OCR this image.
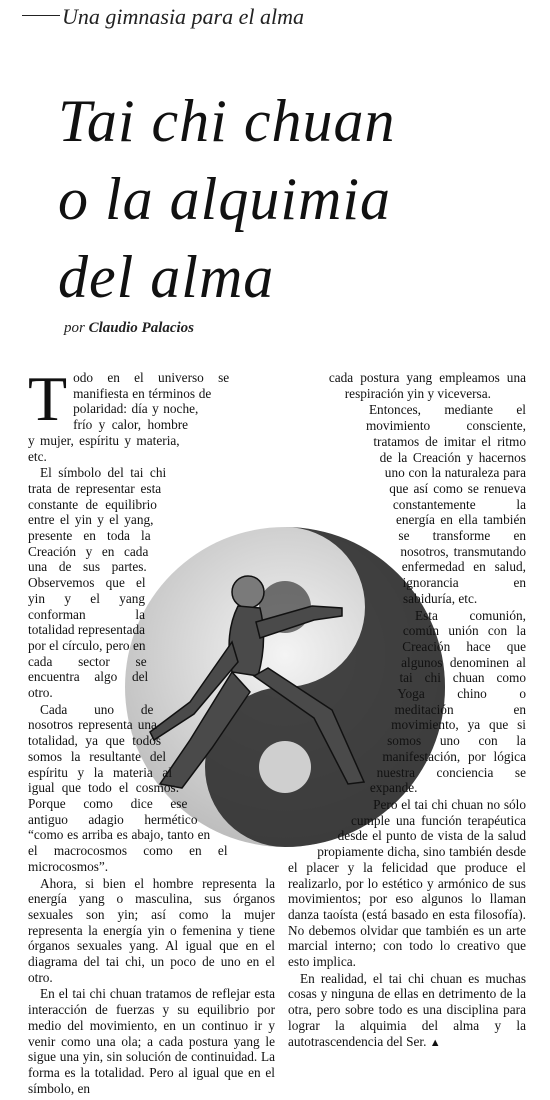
Una gimnasia para el alma
Tai chi chuan
o la alquimia
del alma
por Claudio Palacios

Todo en el universo se manifiesta en términos de polaridad: día y noche, frío y calor, hombre y mujer, espíritu y materia, etc.

El símbolo del tai chi trata de representar esta constante de equilibrio entre el yin y el yang, presente en toda la Creación y en cada una de sus partes. Observemos que el yin y el yang conforman la totalidad representada por el círculo, pero en cada sector se encuentra algo del otro.

Cada uno de nosotros representa una totalidad, ya que todos somos la resultante del espíritu y la materia al igual que todo el cosmos. Porque como dice ese antiguo adagio hermético “como es arriba es abajo, tanto en el macrocosmos como en el microcosmos”.

Ahora, si bien el hombre representa la energía yang o masculina, sus órganos sexuales son yin; así como la mujer representa la energía yin o femenina y tiene órganos sexuales yang. Al igual que en el diagrama del tai chi, un poco de uno en el otro.

En el tai chi chuan tratamos de reflejar esta interacción de fuerzas y su equilibrio por medio del movimiento, en un continuo ir y venir como una ola; a cada postura yang le sigue una yin, sin solución de continuidad. La forma es la totalidad. Pero al igual que en el símbolo, en

cada postura yang empleamos una respiración yin y viceversa.

Entonces, mediante el movimiento consciente, tratamos de imitar el ritmo de la Creación y hacernos uno con la naturaleza para que así como se renueva constantemente la energía en ella también se transforme en nosotros, transmutando enfermedad en salud, ignorancia en sabiduría, etc.

Esta comunión, común unión con la Creación hace que algunos denominen al tai chi chuan como Yoga chino o meditación en movimiento, ya que si somos uno con la manifestación, por lógica nuestra conciencia se expande.

Pero el tai chi chuan no sólo cumple una función terapéutica desde el punto de vista de la salud propiamente dicha, sino también desde el placer y la felicidad que produce el realizarlo, por lo estético y armónico de sus movimientos; por eso algunos lo llaman danza taoísta (está basado en esta filosofía). No debemos olvidar que también es un arte marcial interno; con todo lo creativo que esto implica.

En realidad, el tai chi chuan es muchas cosas y ninguna de ellas en detrimento de la otra, pero sobre todo es una disciplina para lograr la alquimia del alma y la autotrascendencia del Ser. ▲
